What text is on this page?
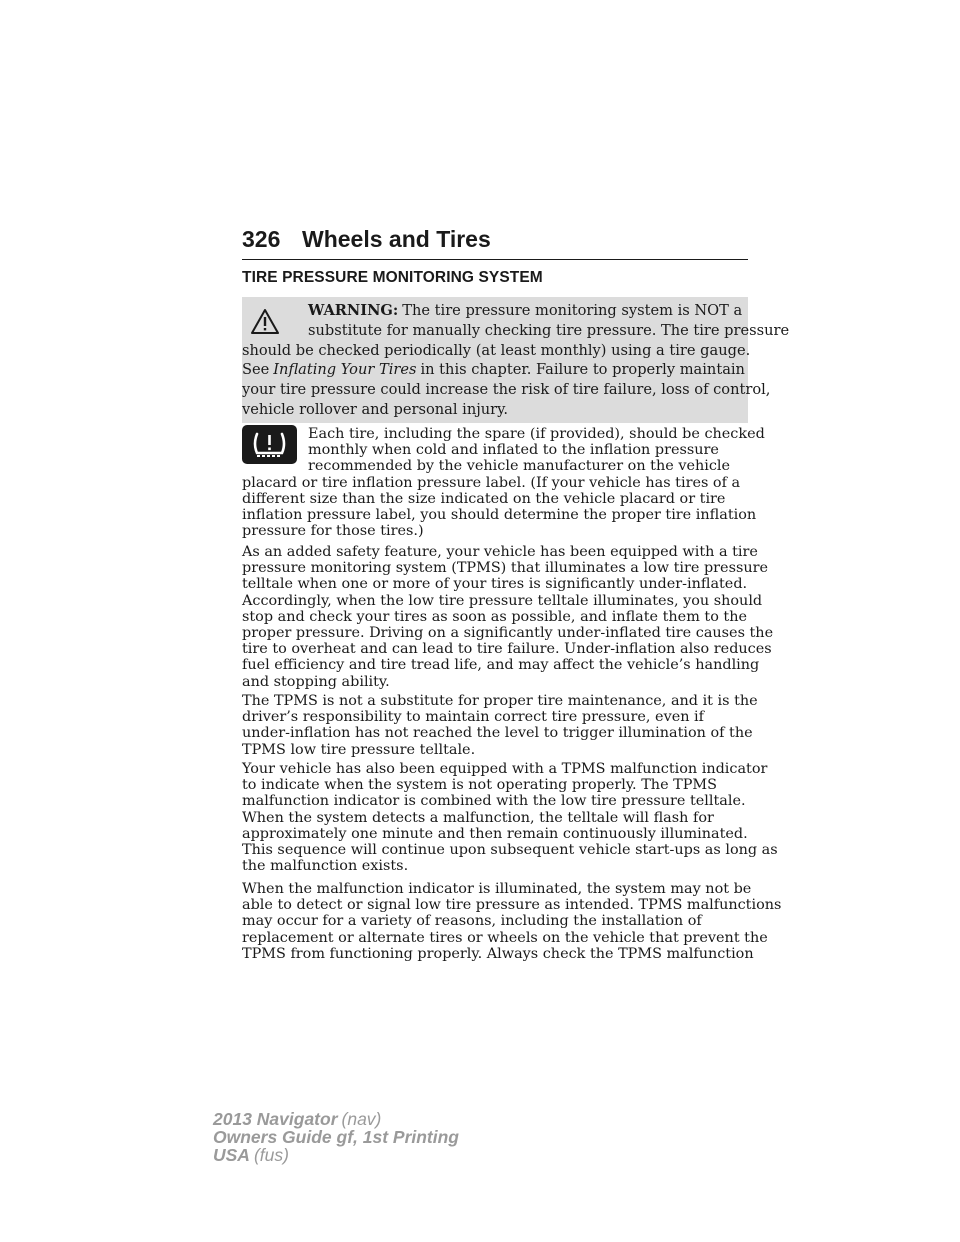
326 Wheels and Tires
TIRE PRESSURE MONITORING SYSTEM
WARNING: The tire pressure monitoring system is NOT a
substitute for manually checking tire pressure. The tire pressure
should be checked periodically (at least monthly) using a tire gauge.
See Inflating Your Tires in this chapter. Failure to properly maintain
your tire pressure could increase the risk of tire failure, loss of control,
vehicle rollover and personal injury.

Each tire, including the spare (if provided), should be checked

monthly when cold and inflated to the inflation pressure

recommended by the vehicle manufacturer on the vehicle

placard or tire inflation pressure label. (If your vehicle has tires of a

different size than the size indicated on the vehicle placard or tire

inflation pressure label, you should determine the proper tire inflation

pressure for those tires.)

As an added safety feature, your vehicle has been equipped with a tire

pressure monitoring system (TPMS) that illuminates a low tire pressure

telltale when one or more of your tires is significantly under-inflated.

Accordingly, when the low tire pressure telltale illuminates, you should

stop and check your tires as soon as possible, and inflate them to the

proper pressure. Driving on a significantly under-inflated tire causes the

tire to overheat and can lead to tire failure. Under-inflation also reduces

fuel efficiency and tire tread life, and may affect the vehicle’s handling

and stopping ability.

The TPMS is not a substitute for proper tire maintenance, and it is the

driver’s responsibility to maintain correct tire pressure, even if

under-inflation has not reached the level to trigger illumination of the

TPMS low tire pressure telltale.

Your vehicle has also been equipped with a TPMS malfunction indicator

to indicate when the system is not operating properly. The TPMS

malfunction indicator is combined with the low tire pressure telltale.

When the system detects a malfunction, the telltale will flash for

approximately one minute and then remain continuously illuminated.

This sequence will continue upon subsequent vehicle start-ups as long as

the malfunction exists.

When the malfunction indicator is illuminated, the system may not be

able to detect or signal low tire pressure as intended. TPMS malfunctions

may occur for a variety of reasons, including the installation of

replacement or alternate tires or wheels on the vehicle that prevent the

TPMS from functioning properly. Always check the TPMS malfunction

2013 Navigator (nav)
Owners Guide gf, 1st Printing
USA (fus)
